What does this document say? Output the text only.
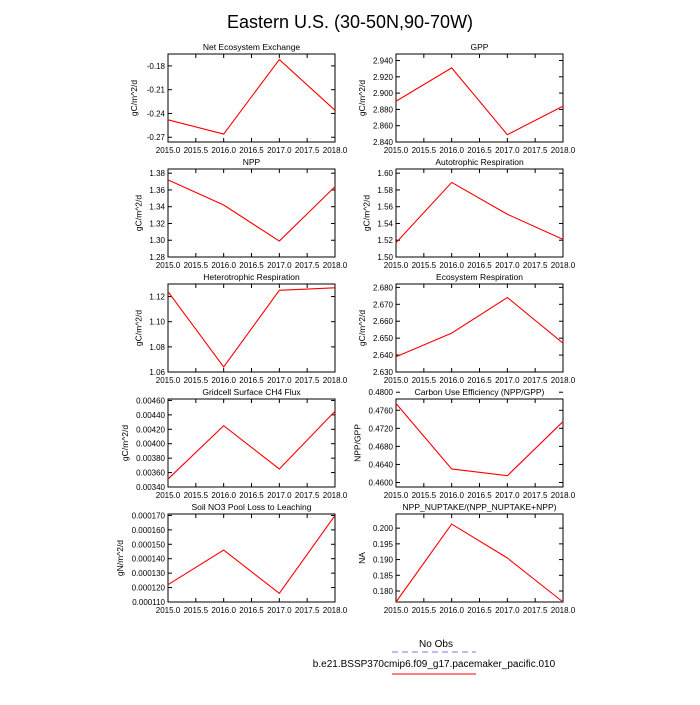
Eastern U.S. (30-50N,90-70W)
Net Ecosystem Exchange
2015.0 2015.5 2016.0 2016.5 2017.0 2017.5 2018.0
-0.27
-0.24
-0.21
-0.18
gC/m^2/d
GPP
2015.0 2015.5 2016.0 2016.5 2017.0 2017.5 2018.0
2.840
2.860
2.880
2.900
2.920
2.940
gC/m^2/d
NPP
2015.0 2015.5 2016.0 2016.5 2017.0 2017.5 2018.0
1.28
1.30
1.32
1.34
1.36
1.38
gC/m^2/d
Autotrophic Respiration
2015.0 2015.5 2016.0 2016.5 2017.0 2017.5 2018.0
1.50
1.52
1.54
1.56
1.58
1.60
gC/m^2/d
Heterotrophic Respiration
2015.0 2015.5 2016.0 2016.5 2017.0 2017.5 2018.0
1.06
1.08
1.10
1.12
gC/m^2/d
Ecosystem Respiration
2015.0 2015.5 2016.0 2016.5 2017.0 2017.5 2018.0
2.630
2.640
2.650
2.660
2.670
2.680
gC/m^2/d
Gridcell Surface CH4 Flux
2015.0 2015.5 2016.0 2016.5 2017.0 2017.5 2018.0
0.00340
0.00360
0.00380
0.00400
0.00420
0.00440
0.00460
gC/m^2/d
Carbon Use Efficiency (NPP/GPP)
2015.0 2015.5 2016.0 2016.5 2017.0 2017.5 2018.0
0.4600
0.4640
0.4680
0.4720
0.4760
0.4800
NPP/GPP
Soil NO3 Pool Loss to Leaching
2015.0 2015.5 2016.0 2016.5 2017.0 2017.5 2018.0
0.000110
0.000120
0.000130
0.000140
0.000150
0.000160
0.000170
gN/m^2/d
NPP_NUPTAKE/(NPP_NUPTAKE+NPP)
2015.0 2015.5 2016.0 2016.5 2017.0 2017.5 2018.0
0.180
0.185
0.190
0.195
0.200
NA
No Obs
b.e21.BSSP370cmip6.f09_g17.pacemaker_pacific.010
